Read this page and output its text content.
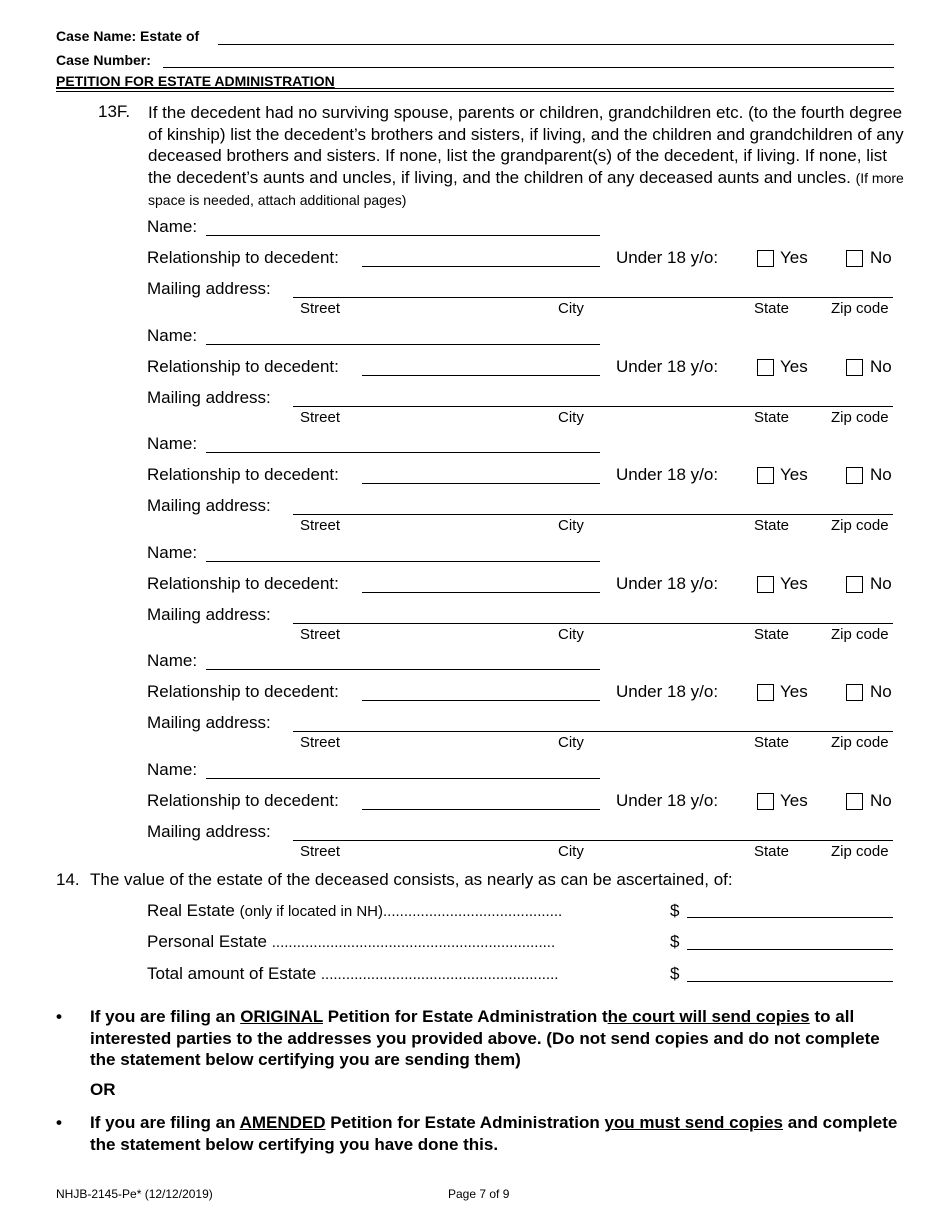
Case Name: Estate of
Case Number:
PETITION FOR ESTATE ADMINISTRATION
13F. If the decedent had no surviving spouse, parents or children, grandchildren etc. (to the fourth degree of kinship) list the decedent’s brothers and sisters, if living, and the children and grandchildren of any deceased brothers and sisters. If none, list the grandparent(s) of the decedent, if living. If none, list the decedent’s aunts and uncles, if living, and the children of any deceased aunts and uncles. (If more space is needed, attach additional pages)
Name:
Relationship to decedent:	Under 18 y/o:	Yes	No
Mailing address:
Street	City	State	Zip code
Name:
Relationship to decedent:	Under 18 y/o:	Yes	No
Mailing address:
Street	City	State	Zip code
Name:
Relationship to decedent:	Under 18 y/o:	Yes	No
Mailing address:
Street	City	State	Zip code
Name:
Relationship to decedent:	Under 18 y/o:	Yes	No
Mailing address:
Street	City	State	Zip code
Name:
Relationship to decedent:	Under 18 y/o:	Yes	No
Mailing address:
Street	City	State	Zip code
Name:
Relationship to decedent:	Under 18 y/o:	Yes	No
Mailing address:
Street	City	State	Zip code
14. The value of the estate of the deceased consists, as nearly as can be ascertained, of:
Real Estate (only if located in NH)...........................................	$
Personal Estate ....................................................................	$
Total amount of Estate .........................................................	$
• If you are filing an ORIGINAL Petition for Estate Administration the court will send copies to all interested parties to the addresses you provided above. (Do not send copies and do not complete the statement below certifying you are sending them)
OR
• If you are filing an AMENDED Petition for Estate Administration you must send copies and complete the statement below certifying you have done this.
NHJB-2145-Pe* (12/12/2019)	Page 7 of 9
